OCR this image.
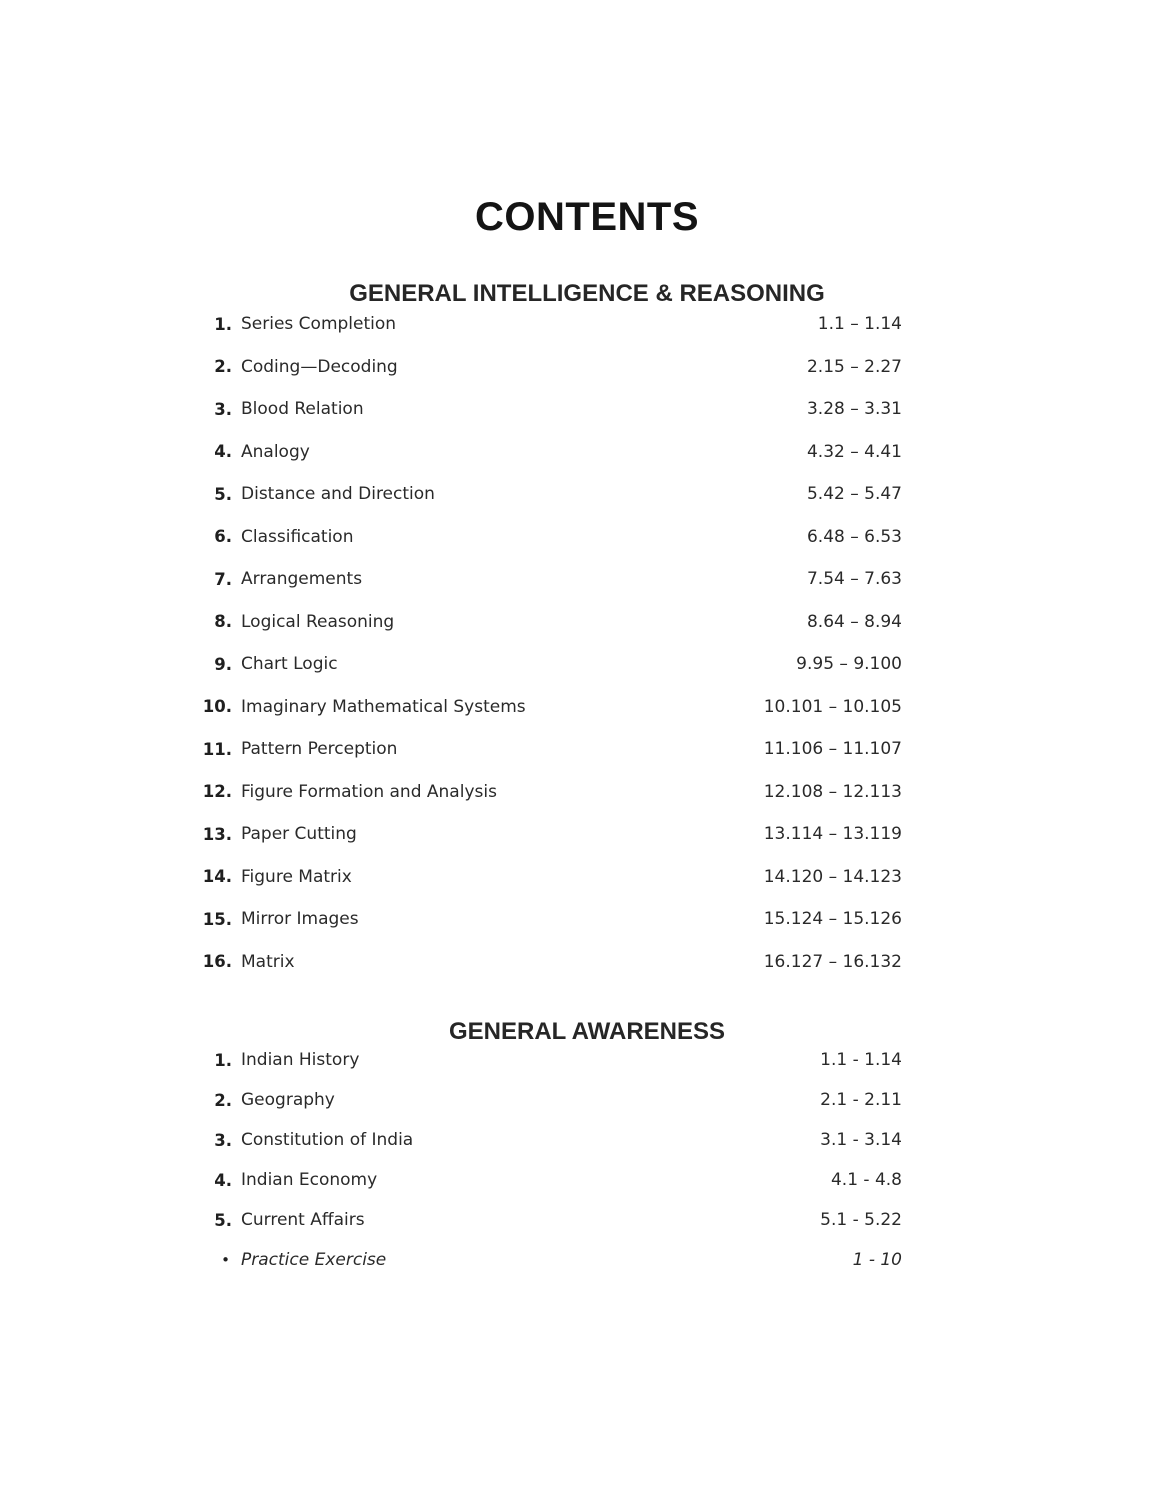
CONTENTS
GENERAL INTELLIGENCE & REASONING
1. Series Completion	1.1 – 1.14
2. Coding—Decoding	2.15 – 2.27
3. Blood Relation	3.28 – 3.31
4. Analogy	4.32 – 4.41
5. Distance and Direction	5.42 – 5.47
6. Classification	6.48 – 6.53
7. Arrangements	7.54 – 7.63
8. Logical Reasoning	8.64 – 8.94
9. Chart Logic	9.95 – 9.100
10. Imaginary Mathematical Systems	10.101 – 10.105
11. Pattern Perception	11.106 – 11.107
12. Figure Formation and Analysis	12.108 – 12.113
13. Paper Cutting	13.114 – 13.119
14. Figure Matrix	14.120 – 14.123
15. Mirror Images	15.124 – 15.126
16. Matrix	16.127 – 16.132
GENERAL AWARENESS
1. Indian History	1.1 - 1.14
2. Geography	2.1 - 2.11
3. Constitution of India	3.1 - 3.14
4. Indian Economy	4.1 - 4.8
5. Current Affairs	5.1 - 5.22
• Practice Exercise	1 - 10
